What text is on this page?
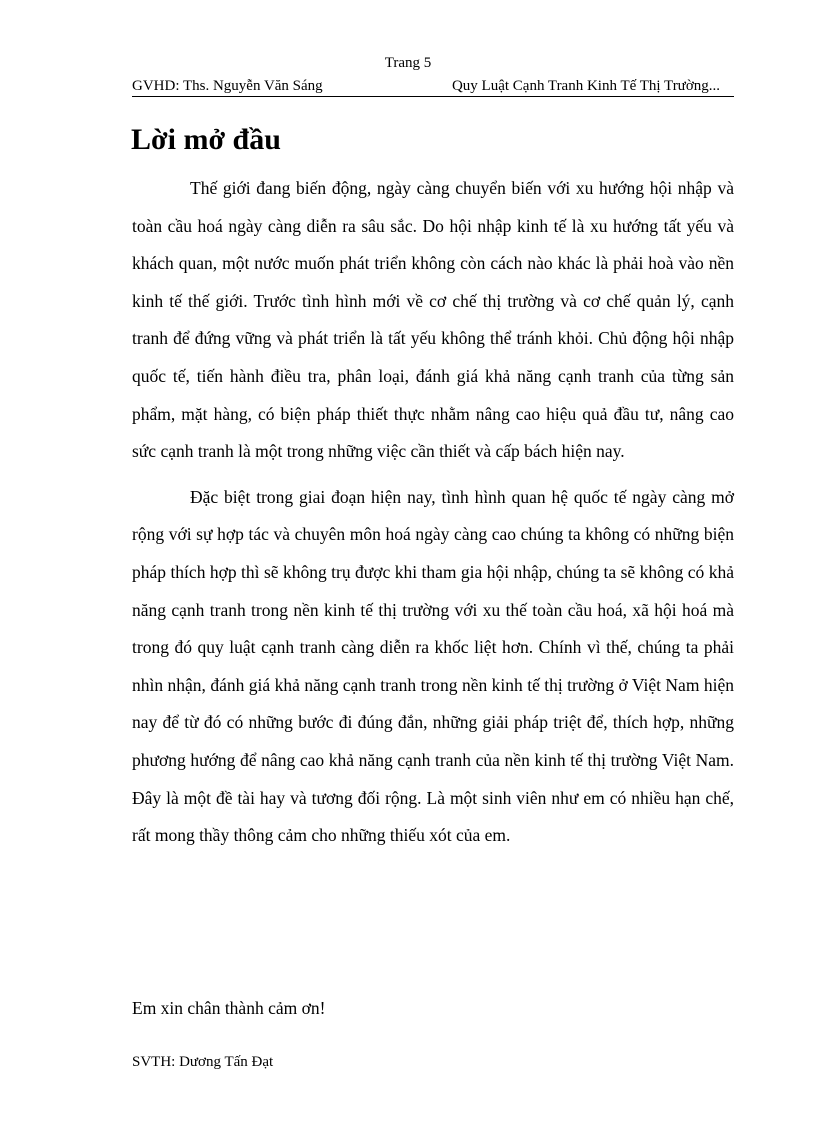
Trang 5
GVHD: Ths. Nguyễn Văn Sáng	Quy Luật Cạnh Tranh Kinh Tế Thị Trường...
Lời mở đầu

Thế giới đang biến động, ngày càng chuyển biến với xu hướng hội nhập và toàn cầu hoá ngày càng diễn ra sâu sắc. Do hội nhập kinh tế là xu hướng tất yếu và khách quan, một nước muốn phát triển không còn cách nào khác là phải hoà vào nền kinh tế thế giới. Trước tình hình mới về cơ chế thị trường và cơ chế quản lý, cạnh tranh để đứng vững và phát triển là tất yếu không thể tránh khỏi. Chủ động hội nhập quốc tế, tiến hành điều tra, phân loại, đánh giá khả năng cạnh tranh của từng sản phẩm, mặt hàng, có biện pháp thiết thực nhằm nâng cao hiệu quả đầu tư, nâng cao sức cạnh tranh là một trong những việc cần thiết và cấp bách hiện nay.

Đặc biệt trong giai đoạn hiện nay, tình hình quan hệ quốc tế ngày càng mở rộng với sự hợp tác và chuyên môn hoá ngày càng cao chúng ta không có những biện pháp thích hợp thì sẽ không trụ được khi tham gia hội nhập, chúng ta sẽ không có khả năng cạnh tranh trong nền kinh tế thị trường với xu thế toàn cầu hoá, xã hội hoá mà trong đó quy luật cạnh tranh càng diễn ra khốc liệt hơn. Chính vì thế, chúng ta phải nhìn nhận, đánh giá khả năng cạnh tranh trong nền kinh tế thị trường ở Việt Nam hiện nay để từ đó có những bước đi đúng đắn, những giải pháp triệt để, thích hợp, những phương hướng để nâng cao khả năng cạnh tranh của nền kinh tế thị trường Việt Nam. Đây là một đề tài hay và tương đối rộng. Là một sinh viên như em có nhiều hạn chế, rất mong thầy thông cảm cho những thiếu xót của em.

Em xin chân thành cảm ơn!
SVTH: Dương Tấn Đạt
